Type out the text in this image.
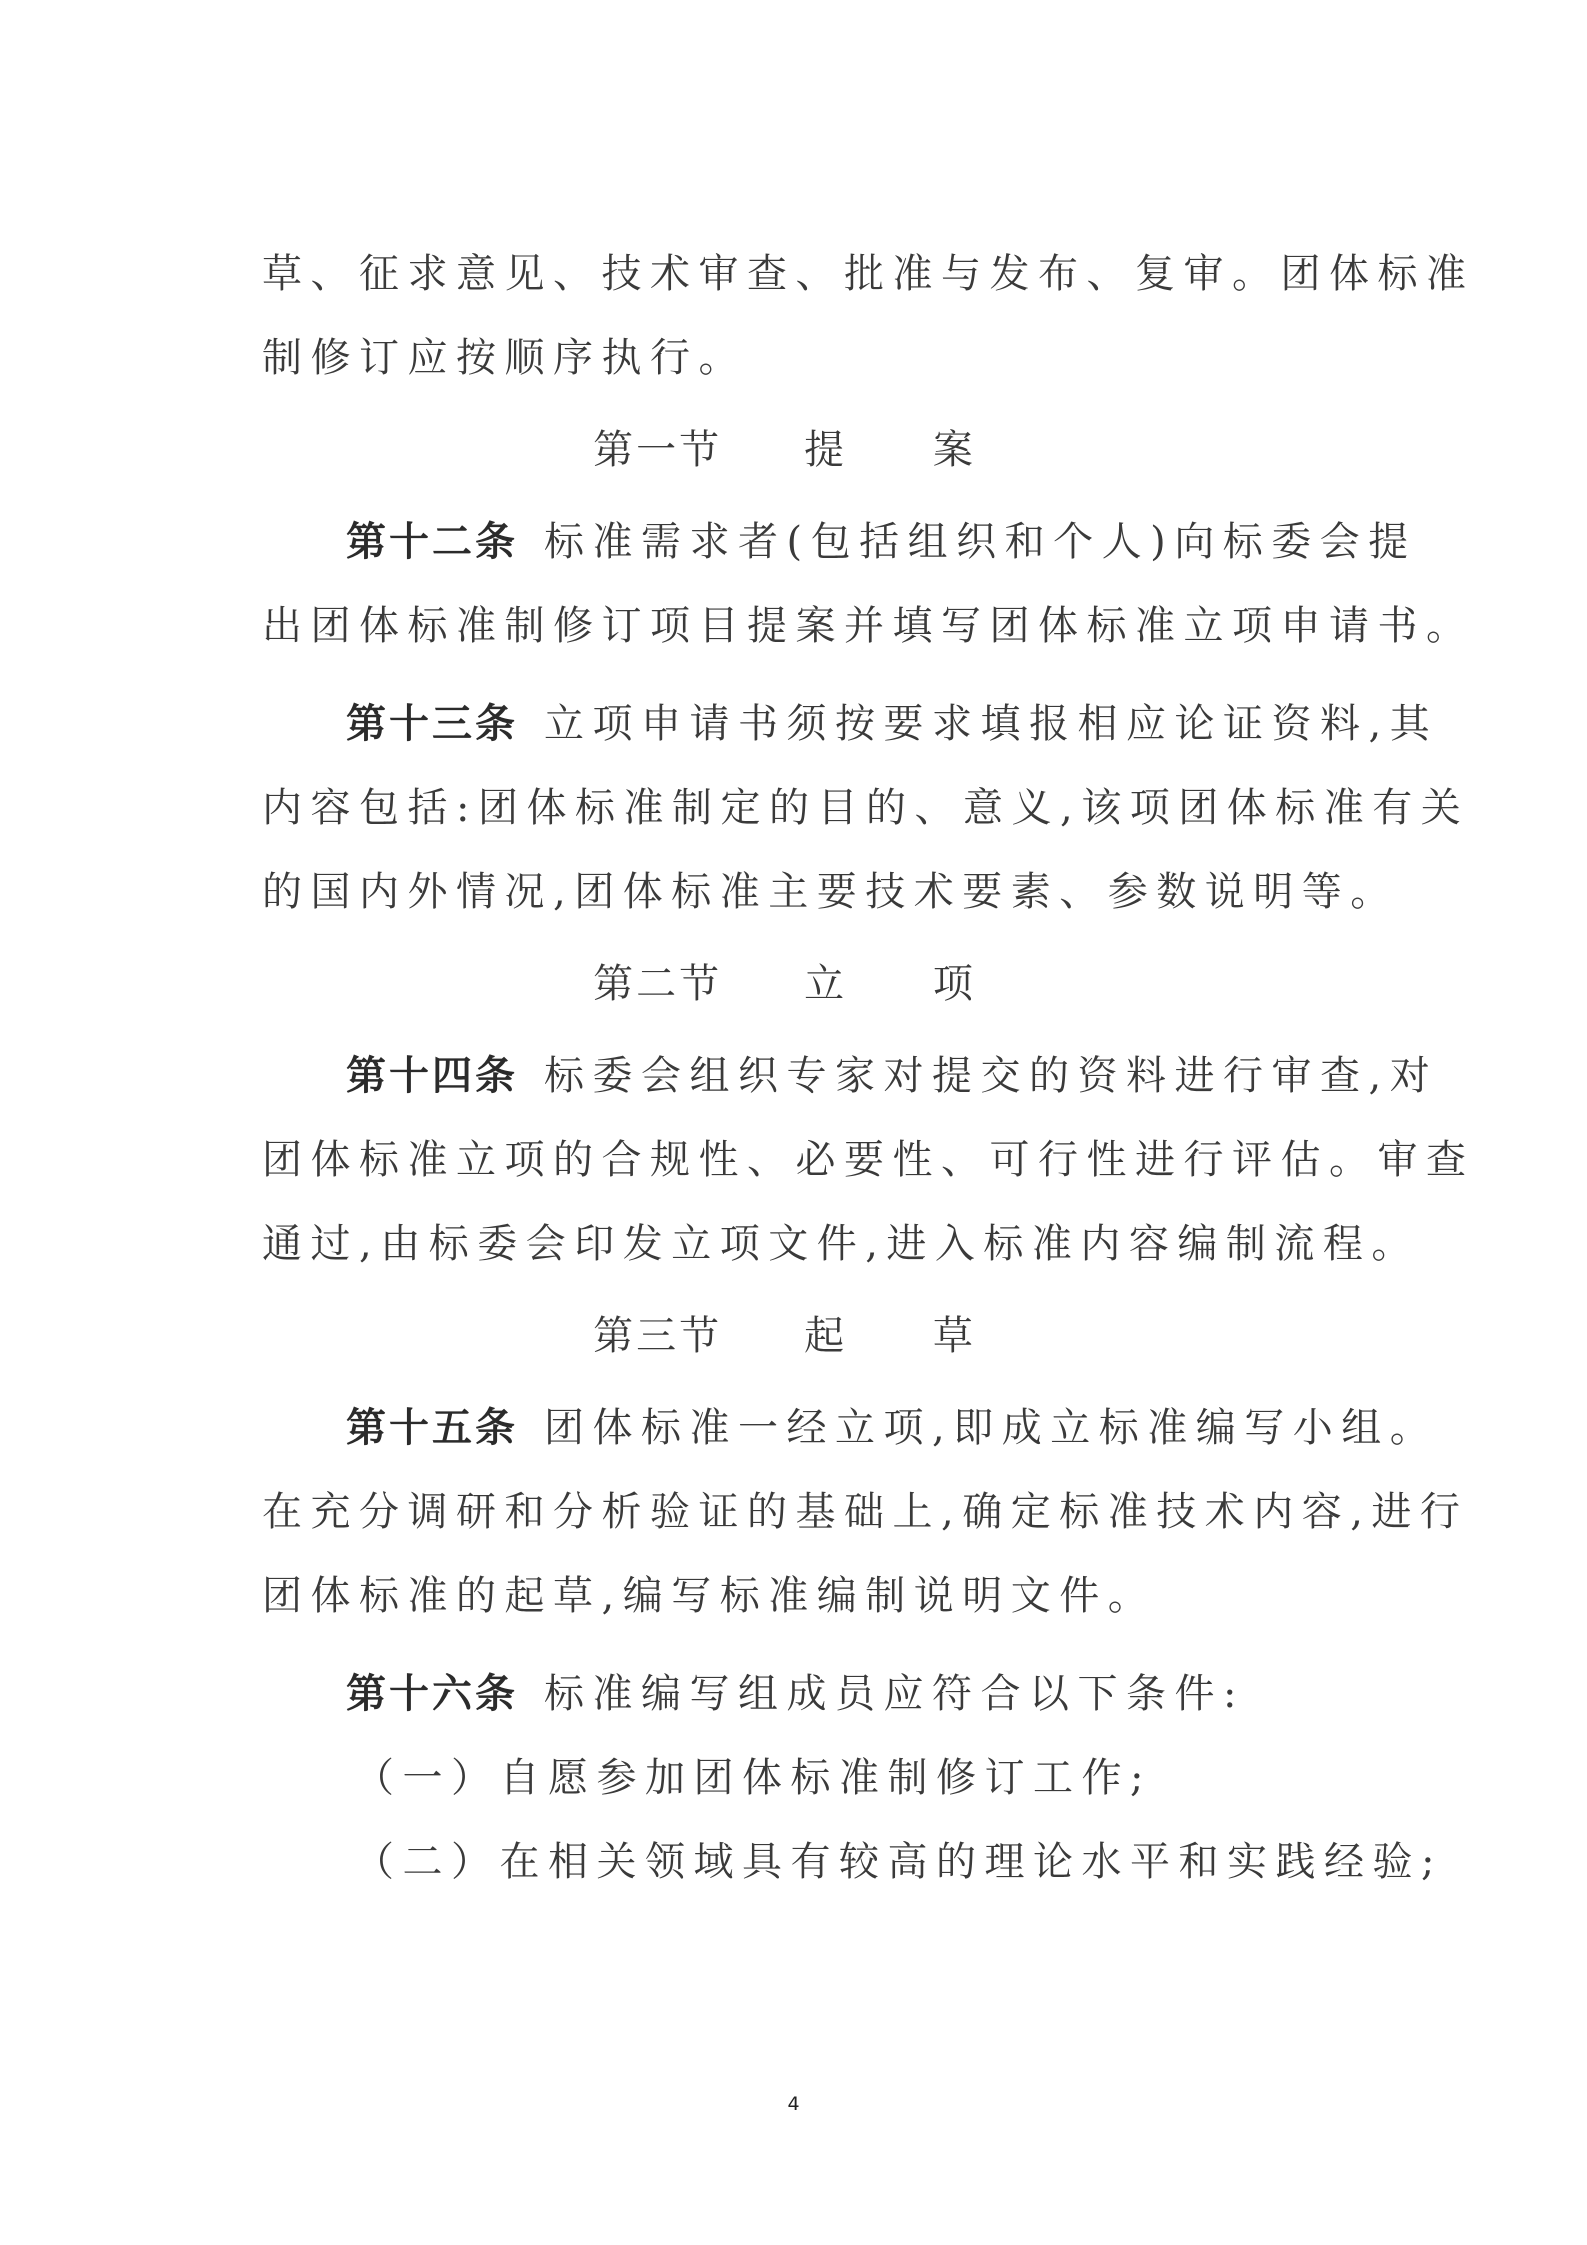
草、征求意见、技术审查、批准与发布、复审。团体标准
制修订应按顺序执行。
第一节 提 案
第十二条 标准需求者(包括组织和个人)向标委会提
出团体标准制修订项目提案并填写团体标准立项申请书。
第十三条 立项申请书须按要求填报相应论证资料,其
内容包括:团体标准制定的目的、意义,该项团体标准有关
的国内外情况,团体标准主要技术要素、参数说明等。
第二节 立 项
第十四条 标委会组织专家对提交的资料进行审查,对
团体标准立项的合规性、必要性、可行性进行评估。审查
通过,由标委会印发立项文件,进入标准内容编制流程。
第三节 起 草
第十五条 团体标准一经立项,即成立标准编写小组。
在充分调研和分析验证的基础上,确定标准技术内容,进行
团体标准的起草,编写标准编制说明文件。
第十六条 标准编写组成员应符合以下条件:
（一）自愿参加团体标准制修订工作;
（二）在相关领域具有较高的理论水平和实践经验;
4
